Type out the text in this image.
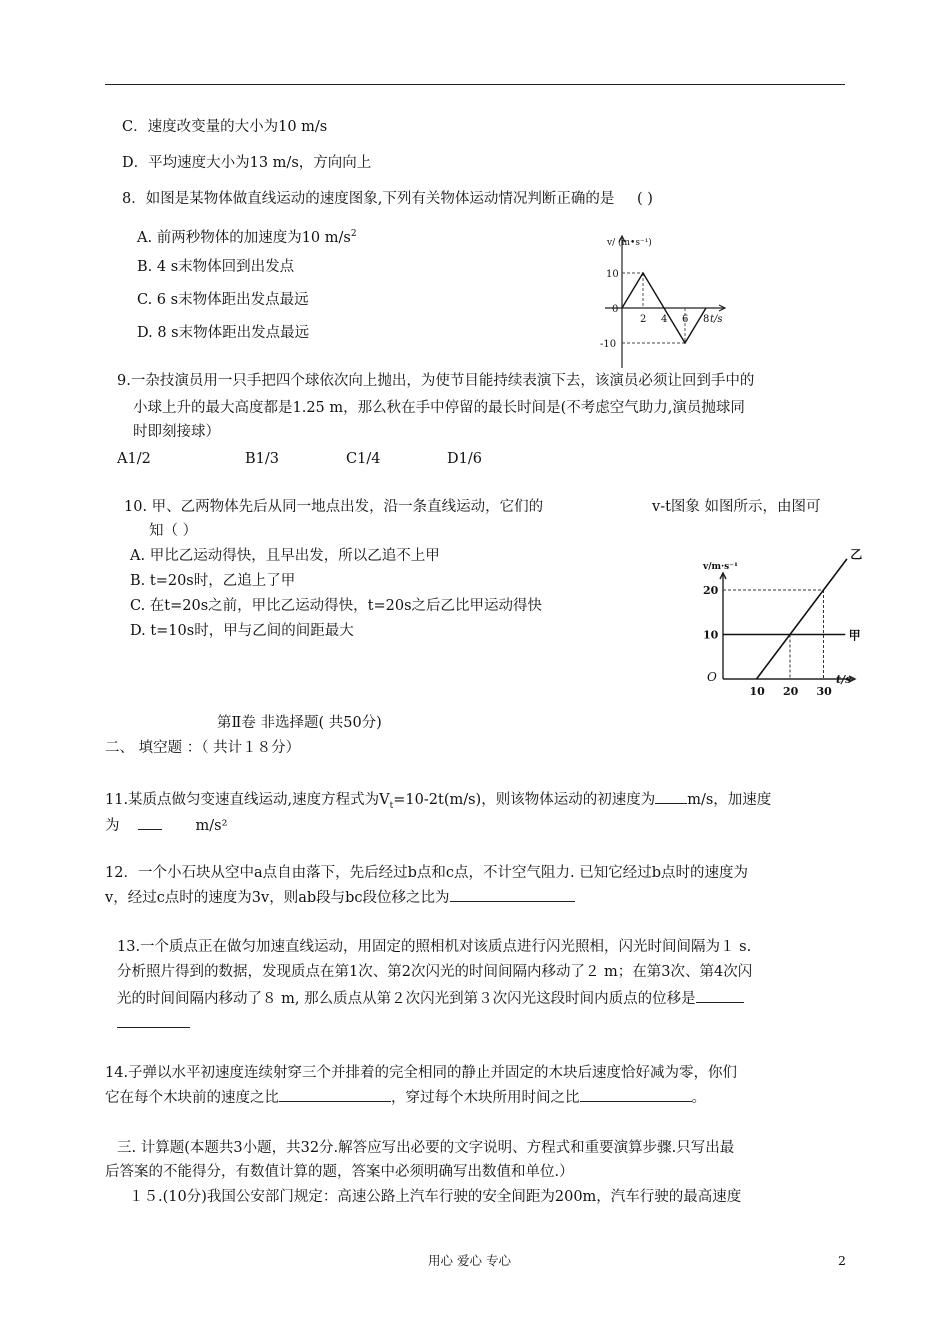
C．速度改变量的大小为10 m/s
D．平均速度大小为13 m/s，方向向上
8．如图是某物体做直线运动的速度图象,下列有关物体运动情况判断正确的是 ( )
A. 前两秒物体的加速度为10 $m/s^2$
B. 4 s末物体回到出发点
C. 6 s末物体距出发点最远
D. 8 s末物体距出发点最远
2 4 6 8
10
0
-10
v/ (m•s⁻¹)
t/s
9.一杂技演员用一只手把四个球依次向上抛出，为使节目能持续表演下去，该演员必须让回到手中的
小球上升的最大高度都是1.25 m，那么秋在手中停留的最长时间是(不考虑空气助力,演员抛球同
时即刻接球）
A1/2	B1/3	C1/4	D1/6
10. 甲、乙两物体先后从同一地点出发，沿一条直线运动，它们的	v-t图象 如图所示，由图可
知（ ）
A. 甲比乙运动得快，且早出发，所以乙追不上甲
B. t=20s时，乙追上了甲
C. 在t=20s之前，甲比乙运动得快，t=20s之后乙比甲运动得快
D. t=10s时，甲与乙间的间距最大
10 20 30
20
10	甲
乙
v/m·s⁻¹
O	t/s
第Ⅱ卷 非选择题( 共50分)
二、 填空题 ：（ 共计１８分）
11.某质点做匀变速直线运动,速度方程式为$V_t=10-2t(m/s)$，则该物体运动的初速度为 m/s，加速度
为	m/s²
12．一个小石块从空中a点自由落下，先后经过b点和c点，不计空气阻力. 已知它经过b点时的速度为
v，经过c点时的速度为3v，则ab段与bc段位移之比为
13.一个质点正在做匀加速直线运动，用固定的照相机对该质点进行闪光照相，闪光时间间隔为１ s.
分析照片得到的数据，发现质点在第1次、第2次闪光的时间间隔内移动了２ m；在第3次、第4次闪
光的时间间隔内移动了８ m, 那么质点从第２次闪光到第３次闪光这段时间内质点的位移是
14.子弹以水平初速度连续射穿三个并排着的完全相同的静止并固定的木块后速度恰好减为零，你们
它在每个木块前的速度之比	，穿过每个木块所用时间之比	。
三. 计算题(本题共3小题，共32分.解答应写出必要的文字说明、方程式和重要演算步骤.只写出最
后答案的不能得分，有数值计算的题，答案中必须明确写出数值和单位.）
１５.(10分)我国公安部门规定：高速公路上汽车行驶的安全间距为200m，汽车行驶的最高速度
用心 爱心 专心	2
